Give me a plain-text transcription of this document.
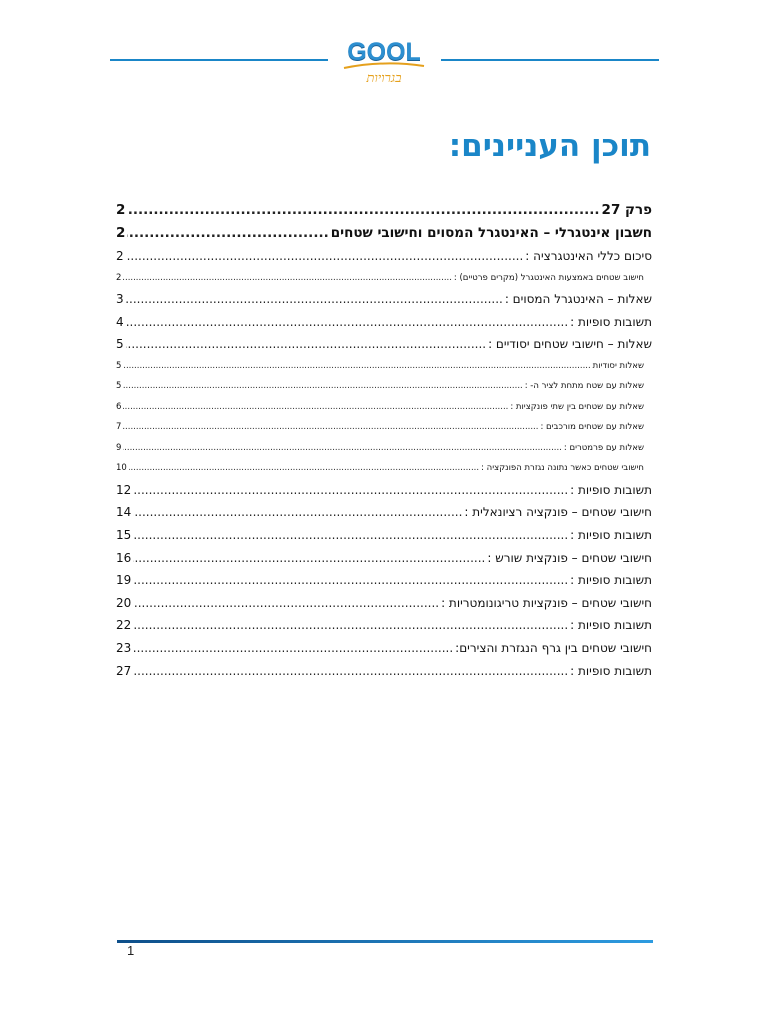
GOOL
בגרויות
תוכן העניינים:
פרק 27
.....
2
חשבון אינטגרלי – האינטגרל המסוים וחישובי שטחים
.....
2
סיכום כללי האינטגרציה :
.....
2
חישוב שטחים באמצעות האינטגרל (מקרים פרטיים) :
.....
2
שאלות – האינטגרל המסוים :
.....
3
תשובות סופיות :
.....
4
שאלות – חישובי שטחים יסודיים :
.....
5
שאלות יסודיות
.....
5
שאלות עם שטח מתחת לציר ה- :
.....
5
שאלות עם שטחים בין שתי פונקציות :
.....
6
שאלות עם שטחים מורכבים :
.....
7
שאלות עם פרמטרים :
.....
9
חישובי שטחים כאשר נתונה נגזרת הפונקציה :
.....
10
תשובות סופיות :
.....
12
חישובי שטחים – פונקציה רציונאלית :
.....
14
תשובות סופיות :
.....
15
חישובי שטחים – פונקצית שורש :
.....
16
תשובות סופיות :
.....
19
חישובי שטחים – פונקציות טריגונומטריות :
.....
20
תשובות סופיות :
.....
22
חישובי שטחים בין גרף הנגזרת והצירים:
.....
23
תשובות סופיות :
.....
27
1
